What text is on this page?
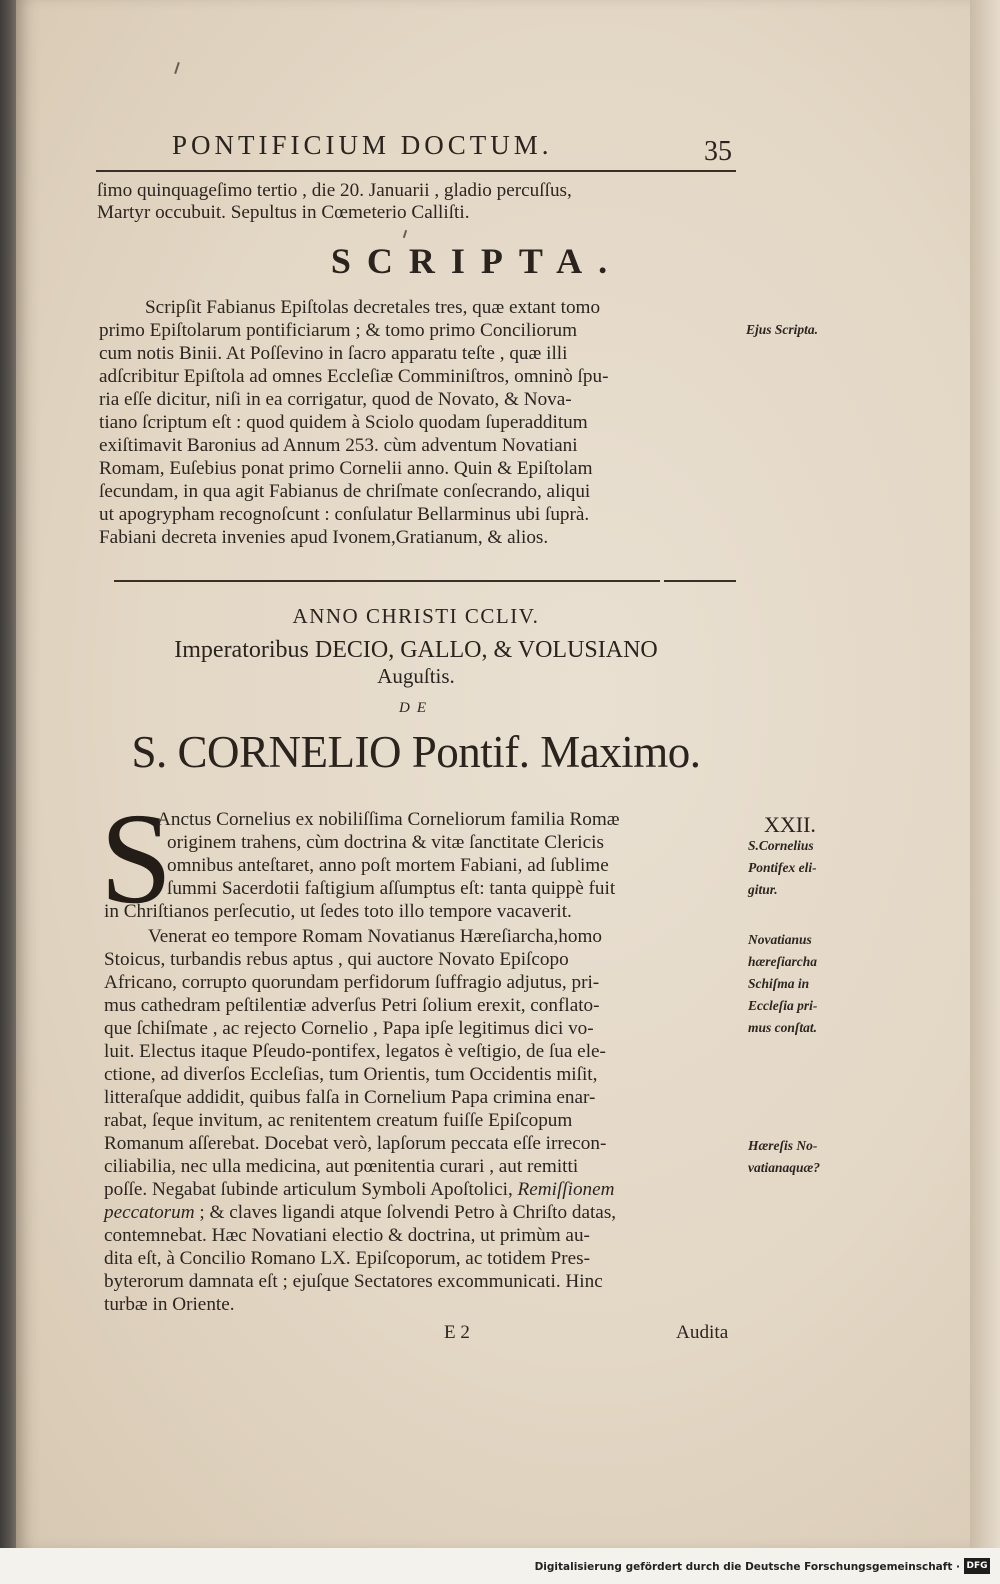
PONTIFICIUM DOCTUM.	35
ſimo quinquageſimo tertio , die 20. Januarii , gladio percuſſus,
Martyr occubuit. Sepultus in Cœmeterio Calliſti.
SCRIPTA.
Scripſit Fabianus Epiſtolas decretales tres, quæ extant tomo
primo Epiſtolarum pontificiarum ; & tomo primo Conciliorum
cum notis Binii. At Poſſevino in ſacro apparatu teſte , quæ illi
adſcribitur Epiſtola ad omnes Eccleſiæ Comminiſtros, omninò ſpu-
ria eſſe dicitur, niſi in ea corrigatur, quod de Novato, & Nova-
tiano ſcriptum eſt : quod quidem à Sciolo quodam ſuperadditum
exiſtimavit Baronius ad Annum 253. cùm adventum Novatiani
Romam, Euſebius ponat primo Cornelii anno. Quin & Epiſtolam
ſecundam, in qua agit Fabianus de chriſmate conſecrando, aliqui
ut apogrypham recognoſcunt : conſulatur Bellarminus ubi ſuprà.
Fabiani decreta invenies apud Ivonem,Gratianum, & alios.
Ejus Scripta.
ANNO CHRISTI CCLIV.
Imperatoribus DECIO, GALLO, & VOLUSIANO
Auguſtis.
DE
S. CORNELIO Pontif. Maximo.
S	XXII.
Anctus Cornelius ex nobiliſſima Corneliorum familia Romæ
originem trahens, cùm doctrina & vitæ ſanctitate Clericis
omnibus anteſtaret, anno poſt mortem Fabiani, ad ſublime
ſummi Sacerdotii faſtigium aſſumptus eſt: tanta quippè fuit
in Chriſtianos perſecutio, ut ſedes toto illo tempore vacaverit.
Venerat eo tempore Romam Novatianus Hæreſiarcha,homo
Stoicus, turbandis rebus aptus , qui auctore Novato Epiſcopo
Africano, corrupto quorundam perfidorum ſuffragio adjutus, pri-
mus cathedram peſtilentiæ adverſus Petri ſolium erexit, conflato-
que ſchiſmate , ac rejecto Cornelio , Papa ipſe legitimus dici vo-
luit. Electus itaque Pſeudo-pontifex, legatos è veſtigio, de ſua ele-
ctione, ad diverſos Eccleſias, tum Orientis, tum Occidentis miſit,
litteraſque addidit, quibus falſa in Cornelium Papa crimina enar-
rabat, ſeque invitum, ac renitentem creatum fuiſſe Epiſcopum
Romanum aſſerebat. Docebat verò, lapſorum peccata eſſe irrecon-
ciliabilia, nec ulla medicina, aut pœnitentia curari , aut remitti
poſſe. Negabat ſubinde articulum Symboli Apoſtolici, Remiſſionem
peccatorum ; & claves ligandi atque ſolvendi Petro à Chriſto datas,
contemnebat. Hæc Novatiani electio & doctrina, ut primùm au-
dita eſt, à Concilio Romano LX. Epiſcoporum, ac totidem Pres-
byterorum damnata eſt ; ejuſque Sectatores excommunicati. Hinc
turbæ in Oriente.
S.Cornelius
Pontifex eli-
gitur.
Novatianus
hæreſiarcha
Schiſma in
Eccleſia pri-
mus conſtat.
Hæreſis No-
vatianaquæ?
E 2	Audita
Digitalisierung gefördert durch die Deutsche Forschungsgemeinschaft · DFG
